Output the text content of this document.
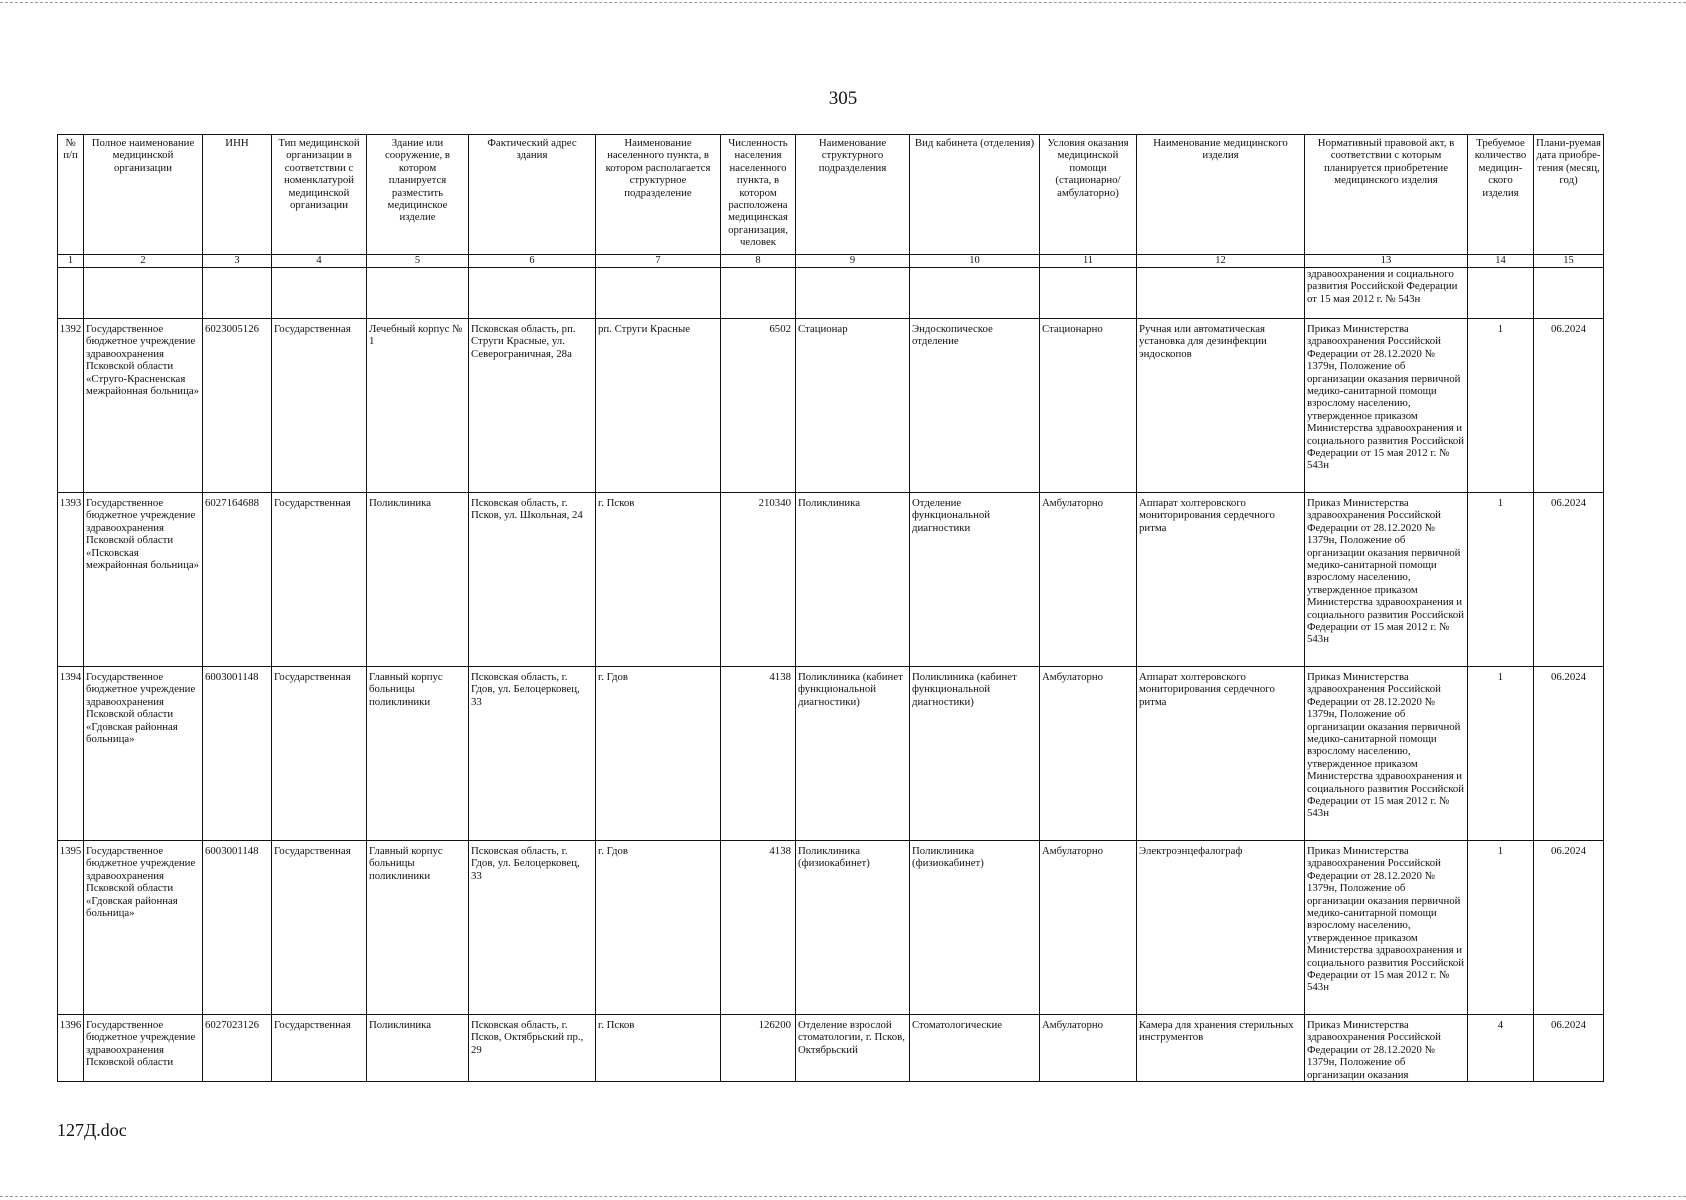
305
№ п/п	Полное наименование медицинской организации	ИНН	Тип медицинской организации в соответствии с номенклатурой медицинской организации	Здание или сооружение, в котором планируется разместить медицинское изделие	Фактический адрес здания	Наименование населенного пункта, в котором располагается структурное подразделение	Численность населения населенного пункта, в котором расположена медицинская организация, человек	Наименование структурного подразделения	Вид кабинета (отделения)	Условия оказания медицинской помощи (стационарно/ амбулаторно)	Наименование медицинского изделия	Нормативный правовой акт, в соответствии с которым планируется приобретение медицинского изделия	Требуемое количество медицин-ского изделия	Плани-руемая дата приобре-тения (месяц, год)
1	2	3	4	5	6	7	8	9	10	11	12	13	14	15
												здравоохранения и социального развития Российской Федерации от 15 мая 2012 г. № 543н		
1392	Государственное бюджетное учреждение здравоохранения Псковской области «Струго-Красненская межрайонная больница»	6023005126	Государственная	Лечебный корпус № 1	Псковская область, рп. Струги Красные, ул. Северограничная, 28а	рп. Струги Красные	6502	Стационар	Эндоскопическое отделение	Стационарно	Ручная или автоматическая установка для дезинфекции эндоскопов	Приказ Министерства здравоохранения Российской Федерации от 28.12.2020 № 1379н, Положение об организации оказания первичной медико-санитарной помощи взрослому населению, утвержденное приказом Министерства здравоохранения и социального развития Российской Федерации от 15 мая 2012 г. № 543н	1	06.2024
1393	Государственное бюджетное учреждение здравоохранения Псковской области «Псковская межрайонная больница»	6027164688	Государственная	Поликлиника	Псковская область, г. Псков, ул. Школьная, 24	г. Псков	210340	Поликлиника	Отделение функциональной диагностики	Амбулаторно	Аппарат холтеровского мониторирования сердечного ритма	Приказ Министерства здравоохранения Российской Федерации от 28.12.2020 № 1379н, Положение об организации оказания первичной медико-санитарной помощи взрослому населению, утвержденное приказом Министерства здравоохранения и социального развития Российской Федерации от 15 мая 2012 г. № 543н	1	06.2024
1394	Государственное бюджетное учреждение здравоохранения Псковской области «Гдовская районная больница»	6003001148	Государственная	Главный корпус больницы поликлиники	Псковская область, г. Гдов, ул. Белоцерковец, 33	г. Гдов	4138	Поликлиника (кабинет функциональной диагностики)	Поликлиника (кабинет функциональной диагностики)	Амбулаторно	Аппарат холтеровского мониторирования сердечного ритма	Приказ Министерства здравоохранения Российской Федерации от 28.12.2020 № 1379н, Положение об организации оказания первичной медико-санитарной помощи взрослому населению, утвержденное приказом Министерства здравоохранения и социального развития Российской Федерации от 15 мая 2012 г. № 543н	1	06.2024
1395	Государственное бюджетное учреждение здравоохранения Псковской области «Гдовская районная больница»	6003001148	Государственная	Главный корпус больницы поликлиники	Псковская область, г. Гдов, ул. Белоцерковец, 33	г. Гдов	4138	Поликлиника (физиокабинет)	Поликлиника (физиокабинет)	Амбулаторно	Электроэнцефалограф	Приказ Министерства здравоохранения Российской Федерации от 28.12.2020 № 1379н, Положение об организации оказания первичной медико-санитарной помощи взрослому населению, утвержденное приказом Министерства здравоохранения и социального развития Российской Федерации от 15 мая 2012 г. № 543н	1	06.2024
1396	Государственное бюджетное учреждение здравоохранения Псковской области	6027023126	Государственная	Поликлиника	Псковская область, г. Псков, Октябрьский пр., 29	г. Псков	126200	Отделение взрослой стоматологии, г. Псков, Октябрьский	Стоматологические	Амбулаторно	Камера для хранения стерильных инструментов	Приказ Министерства здравоохранения Российской Федерации от 28.12.2020 № 1379н, Положение об организации оказания	4	06.2024
127Д.doc
